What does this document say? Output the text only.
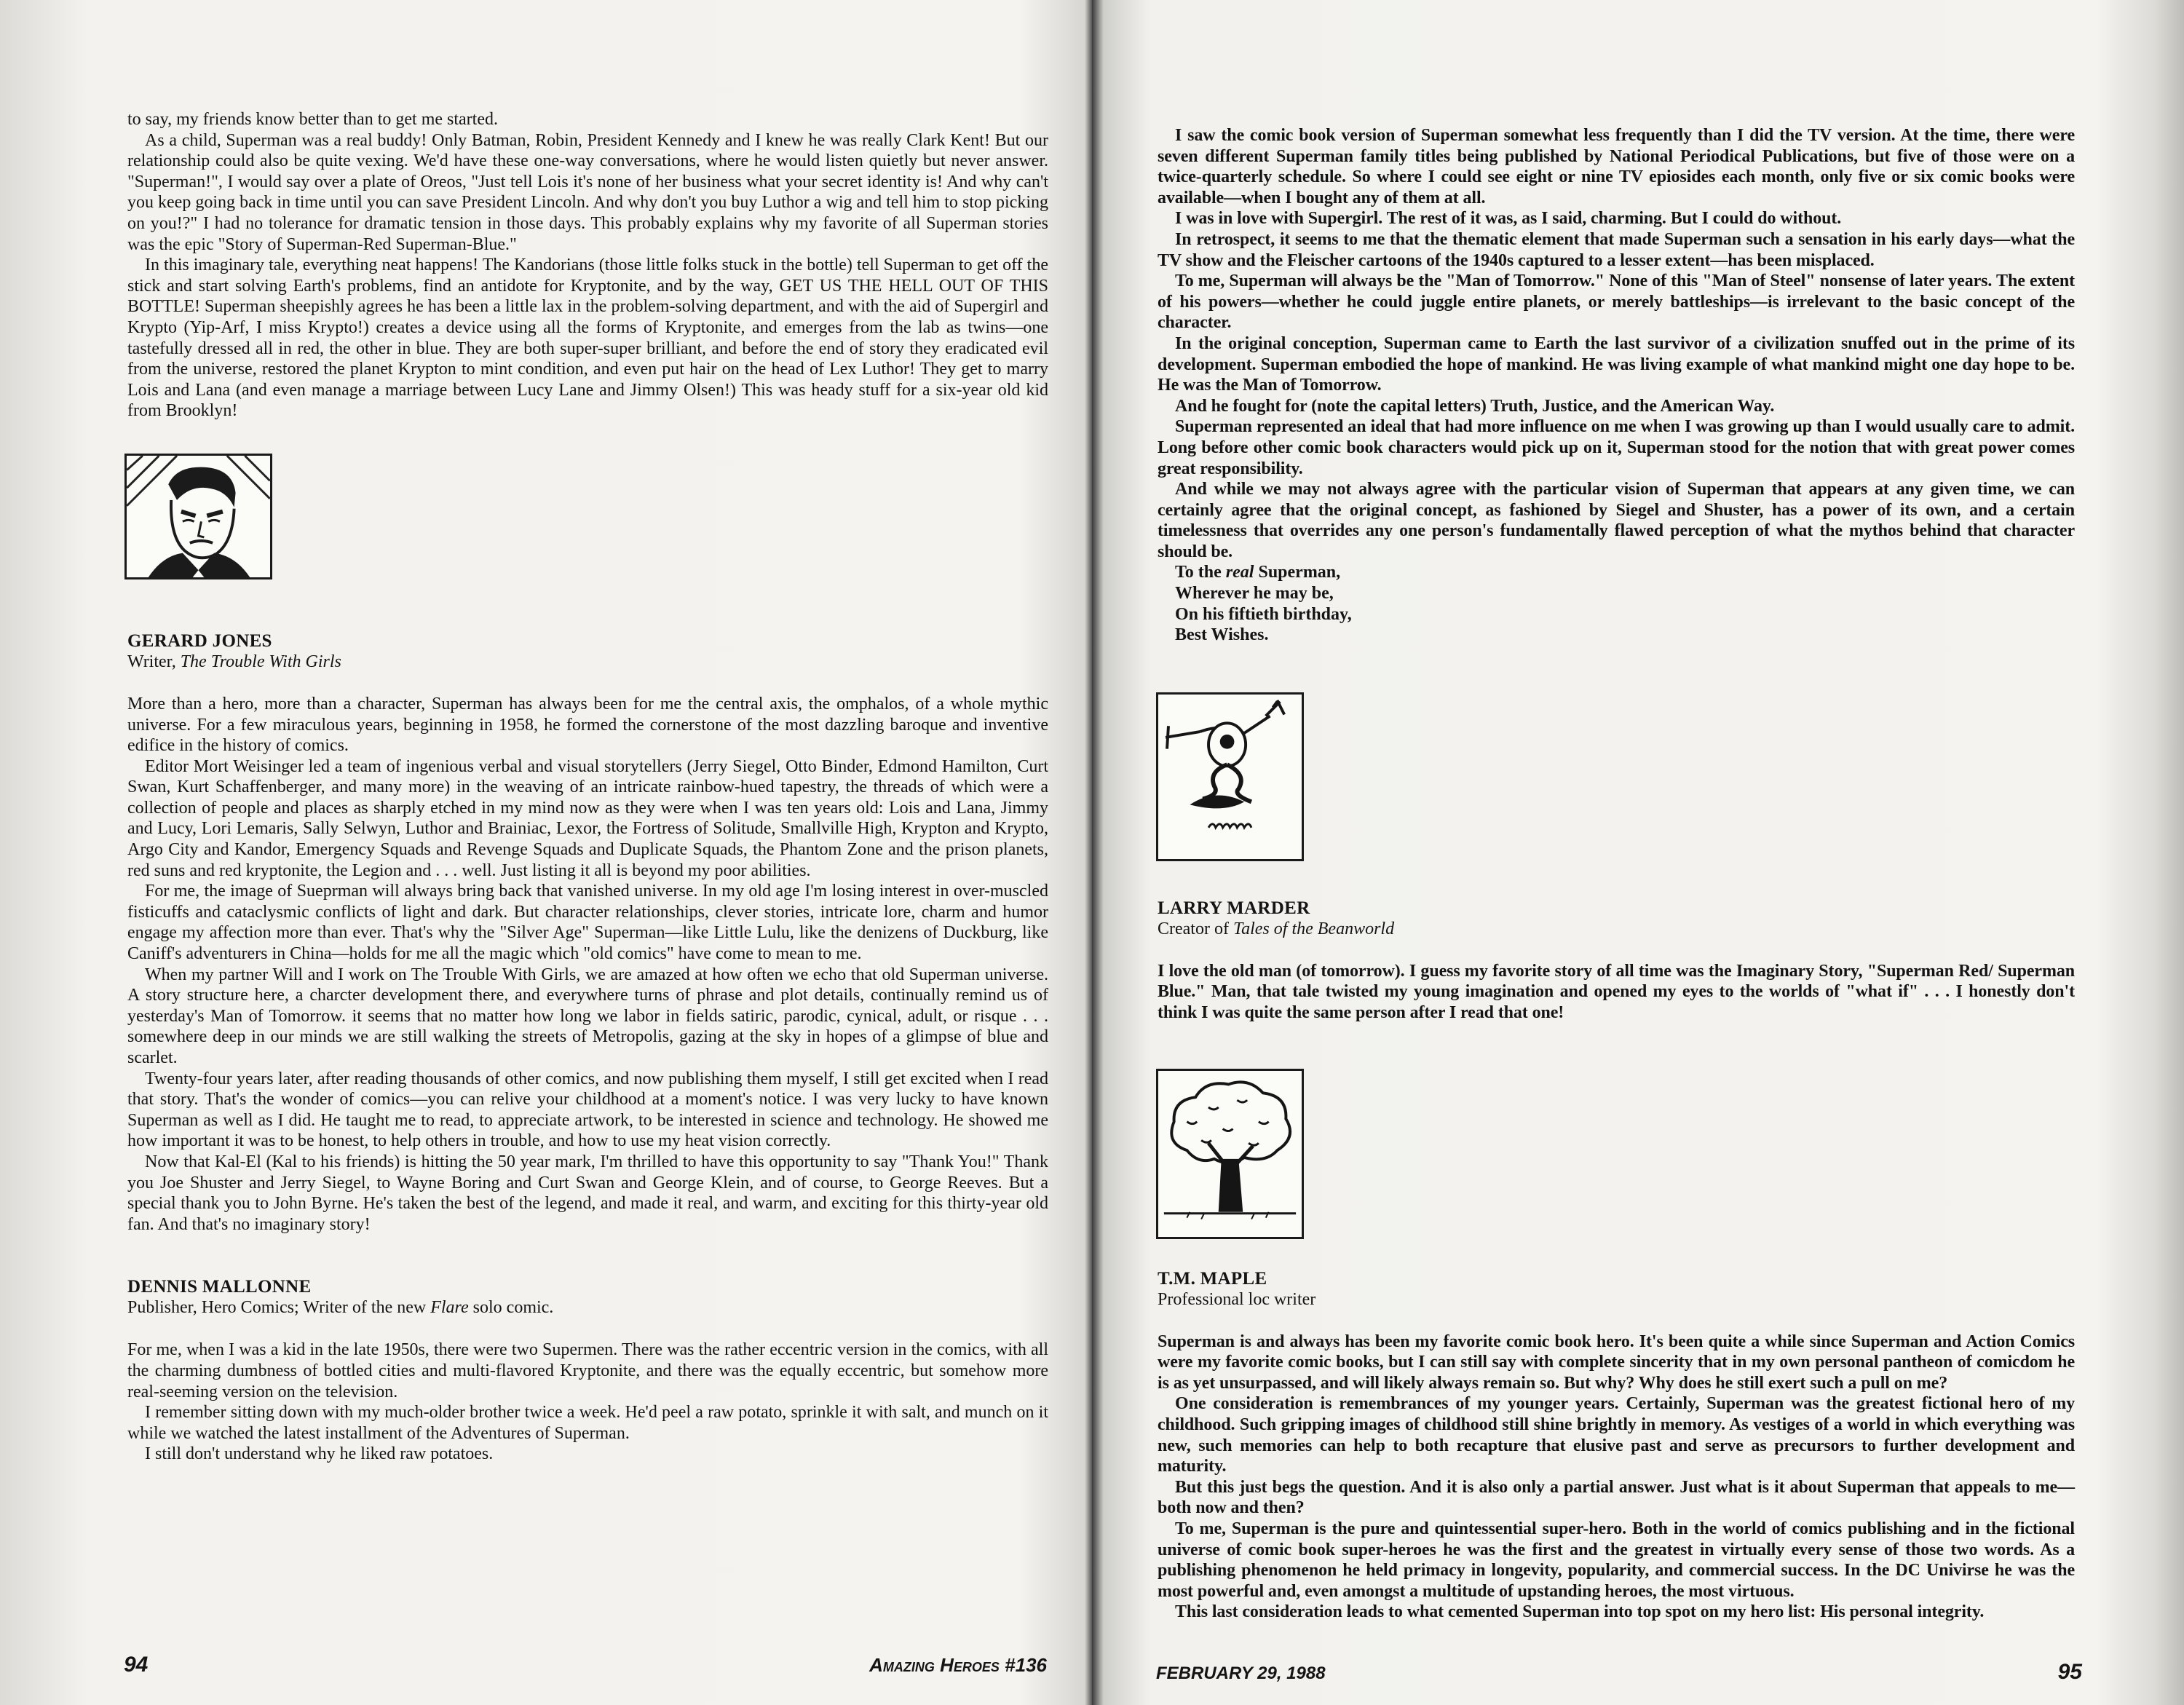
to say, my friends know better than to get me started.

As a child, Superman was a real buddy! Only Batman, Robin, President Kennedy and I knew he was really Clark Kent! But our relationship could also be quite vexing. We'd have these one-way conversations, where he would listen quietly but never answer. "Superman!", I would say over a plate of Oreos, "Just tell Lois it's none of her business what your secret identity is! And why can't you keep going back in time until you can save President Lincoln. And why don't you buy Luthor a wig and tell him to stop picking on you!?" I had no tolerance for dramatic tension in those days. This probably explains why my favorite of all Superman stories was the epic "Story of Superman-Red Superman-Blue."

In this imaginary tale, everything neat happens! The Kandorians (those little folks stuck in the bottle) tell Superman to get off the stick and start solving Earth's problems, find an antidote for Kryptonite, and by the way, GET US THE HELL OUT OF THIS BOTTLE! Superman sheepishly agrees he has been a little lax in the problem-solving department, and with the aid of Supergirl and Krypto (Yip-Arf, I miss Krypto!) creates a device using all the forms of Kryptonite, and emerges from the lab as twins—one tastefully dressed all in red, the other in blue. They are both super-super brilliant, and before the end of story they eradicated evil from the universe, restored the planet Krypton to mint condition, and even put hair on the head of Lex Luthor! They get to marry Lois and Lana (and even manage a marriage between Lucy Lane and Jimmy Olsen!) This was heady stuff for a six-year old kid from Brooklyn!

GERARD JONES

Writer, The Trouble With Girls

More than a hero, more than a character, Superman has always been for me the central axis, the omphalos, of a whole mythic universe. For a few miraculous years, beginning in 1958, he formed the cornerstone of the most dazzling baroque and inventive edifice in the history of comics.

Editor Mort Weisinger led a team of ingenious verbal and visual storytellers (Jerry Siegel, Otto Binder, Edmond Hamilton, Curt Swan, Kurt Schaffenberger, and many more) in the weaving of an intricate rainbow-hued tapestry, the threads of which were a collection of people and places as sharply etched in my mind now as they were when I was ten years old: Lois and Lana, Jimmy and Lucy, Lori Lemaris, Sally Selwyn, Luthor and Brainiac, Lexor, the Fortress of Solitude, Smallville High, Krypton and Krypto, Argo City and Kandor, Emergency Squads and Revenge Squads and Duplicate Squads, the Phantom Zone and the prison planets, red suns and red kryptonite, the Legion and . . . well. Just listing it all is beyond my poor abilities.

For me, the image of Sueprman will always bring back that vanished universe. In my old age I'm losing interest in over-muscled fisticuffs and cataclysmic conflicts of light and dark. But character relationships, clever stories, intricate lore, charm and humor engage my affection more than ever. That's why the "Silver Age" Superman—like Little Lulu, like the denizens of Duckburg, like Caniff's adventurers in China—holds for me all the magic which "old comics" have come to mean to me.

When my partner Will and I work on The Trouble With Girls, we are amazed at how often we echo that old Superman universe. A story structure here, a charcter development there, and everywhere turns of phrase and plot details, continually remind us of yesterday's Man of Tomorrow. it seems that no matter how long we labor in fields satiric, parodic, cynical, adult, or risque . . . somewhere deep in our minds we are still walking the streets of Metropolis, gazing at the sky in hopes of a glimpse of blue and scarlet.

Twenty-four years later, after reading thousands of other comics, and now publishing them myself, I still get excited when I read that story. That's the wonder of comics—you can relive your childhood at a moment's notice. I was very lucky to have known Superman as well as I did. He taught me to read, to appreciate artwork, to be interested in science and technology. He showed me how important it was to be honest, to help others in trouble, and how to use my heat vision correctly.

Now that Kal-El (Kal to his friends) is hitting the 50 year mark, I'm thrilled to have this opportunity to say "Thank You!" Thank you Joe Shuster and Jerry Siegel, to Wayne Boring and Curt Swan and George Klein, and of course, to George Reeves. But a special thank you to John Byrne. He's taken the best of the legend, and made it real, and warm, and exciting for this thirty-year old fan. And that's no imaginary story!

DENNIS MALLONNE

Publisher, Hero Comics; Writer of the new Flare solo comic.

For me, when I was a kid in the late 1950s, there were two Supermen. There was the rather eccentric version in the comics, with all the charming dumbness of bottled cities and multi-flavored Kryptonite, and there was the equally eccentric, but somehow more real-seeming version on the television.

I remember sitting down with my much-older brother twice a week. He'd peel a raw potato, sprinkle it with salt, and munch on it while we watched the latest installment of the Adventures of Superman.

I still don't understand why he liked raw potatoes.

94	Amazing Heroes #136

I saw the comic book version of Superman somewhat less frequently than I did the TV version. At the time, there were seven different Superman family titles being published by National Periodical Publications, but five of those were on a twice-quarterly schedule. So where I could see eight or nine TV epiosides each month, only five or six comic books were available—when I bought any of them at all.

I was in love with Supergirl. The rest of it was, as I said, charming. But I could do without.

In retrospect, it seems to me that the thematic element that made Superman such a sensation in his early days—what the TV show and the Fleischer cartoons of the 1940s captured to a lesser extent—has been misplaced.

To me, Superman will always be the "Man of Tomorrow." None of this "Man of Steel" nonsense of later years. The extent of his powers—whether he could juggle entire planets, or merely battleships—is irrelevant to the basic concept of the character.

In the original conception, Superman came to Earth the last survivor of a civilization snuffed out in the prime of its development. Superman embodied the hope of mankind. He was living example of what mankind might one day hope to be. He was the Man of Tomorrow.

And he fought for (note the capital letters) Truth, Justice, and the American Way.

Superman represented an ideal that had more influence on me when I was growing up than I would usually care to admit. Long before other comic book characters would pick up on it, Superman stood for the notion that with great power comes great responsibility.

And while we may not always agree with the particular vision of Superman that appears at any given time, we can certainly agree that the original concept, as fashioned by Siegel and Shuster, has a power of its own, and a certain timelessness that overrides any one person's fundamentally flawed perception of what the mythos behind that character should be.

To the real Superman,

Wherever he may be,

On his fiftieth birthday,

Best Wishes.

LARRY MARDER

Creator of Tales of the Beanworld

I love the old man (of tomorrow). I guess my favorite story of all time was the Imaginary Story, "Superman Red/ Superman Blue." Man, that tale twisted my young imagination and opened my eyes to the worlds of "what if" . . . I honestly don't think I was quite the same person after I read that one!

T.M. MAPLE

Professional loc writer

Superman is and always has been my favorite comic book hero. It's been quite a while since Superman and Action Comics were my favorite comic books, but I can still say with complete sincerity that in my own personal pantheon of comicdom he is as yet unsurpassed, and will likely always remain so. But why? Why does he still exert such a pull on me?

One consideration is remembrances of my younger years. Certainly, Superman was the greatest fictional hero of my childhood. Such gripping images of childhood still shine brightly in memory. As vestiges of a world in which everything was new, such memories can help to both recapture that elusive past and serve as precursors to further development and maturity.

But this just begs the question. And it is also only a partial answer. Just what is it about Superman that appeals to me—both now and then?

To me, Superman is the pure and quintessential super-hero. Both in the world of comics publishing and in the fictional universe of comic book super-heroes he was the first and the greatest in virtually every sense of those two words. As a publishing phenomenon he held primacy in longevity, popularity, and commercial success. In the DC Univirse he was the most powerful and, even amongst a multitude of upstanding heroes, the most virtuous.

This last consideration leads to what cemented Superman into top spot on my hero list: His personal integrity.

FEBRUARY 29, 1988	95
